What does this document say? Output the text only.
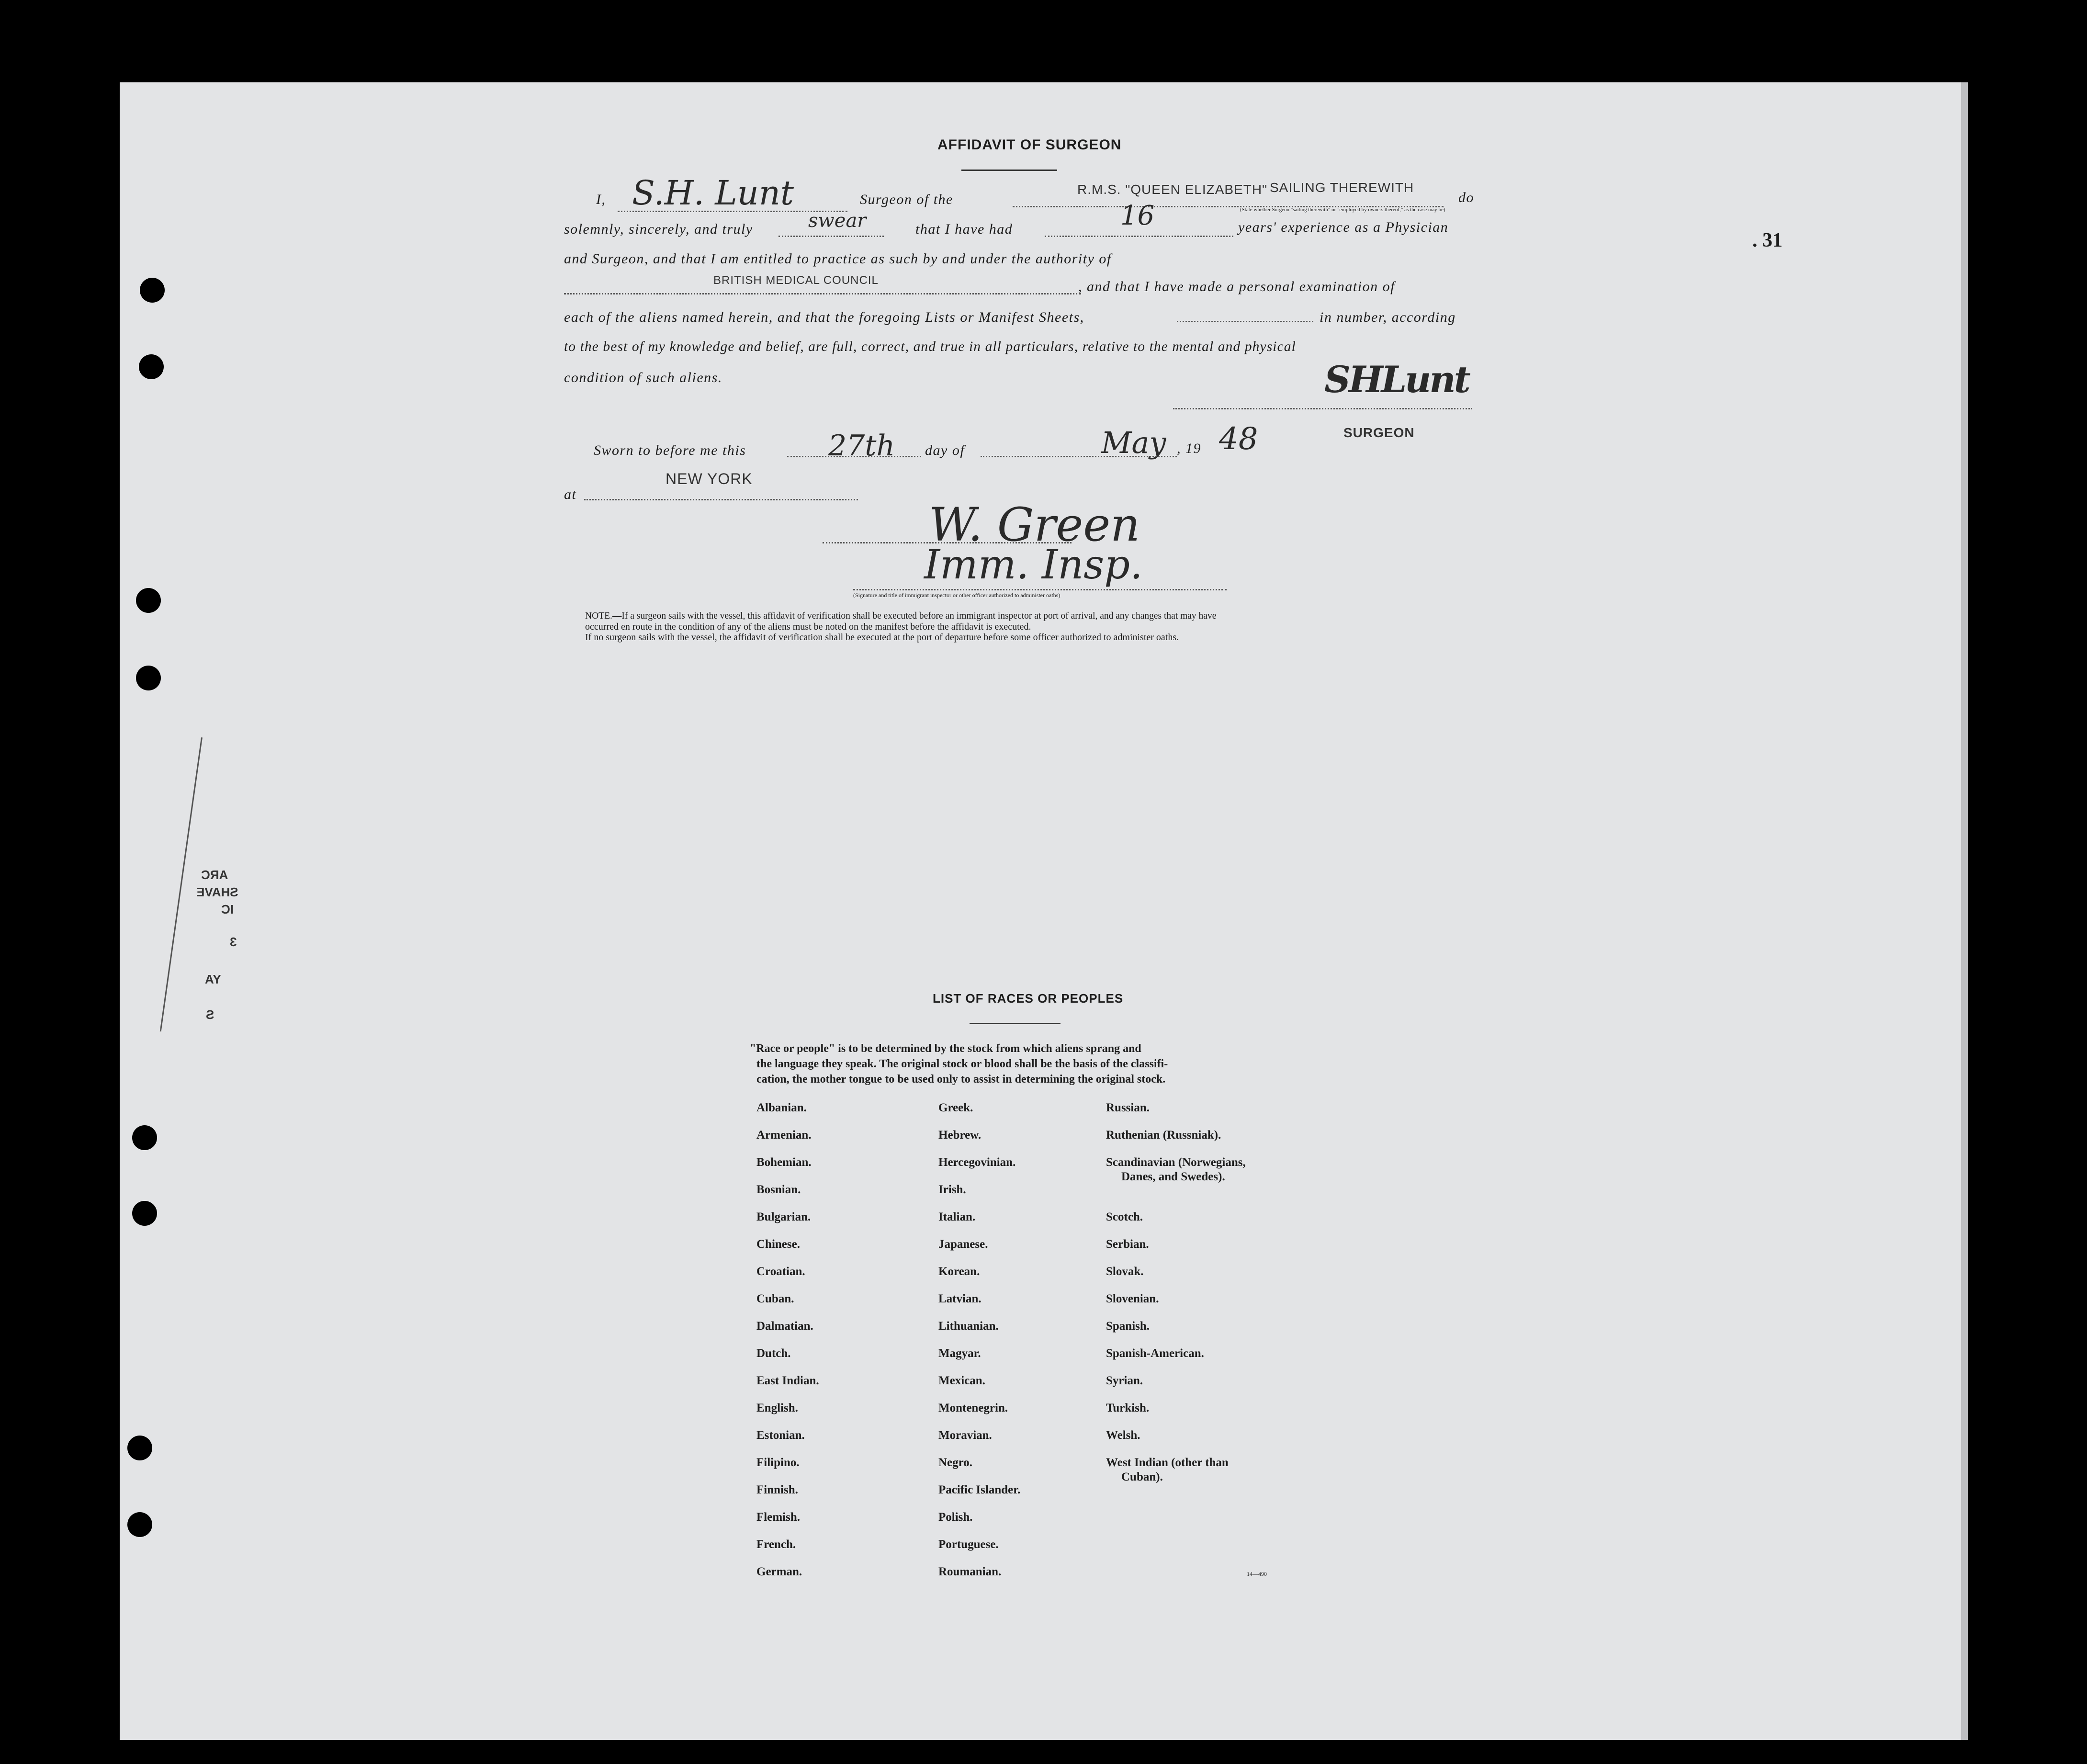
. 31
AFFIDAVIT OF SURGEON
I, S.H. Lunt	Surgeon of the
R.M.S. "QUEEN ELIZABETH" SAILING THEREWITH
(State whether Surgeon "sailing therewith" or "employed by owners thereof," as the case may be)
do
solemnly, sincerely, and truly	swear	that I have had	16	years' experience as a Physician
and Surgeon, and that I am entitled to practice as such by and under the authority of
BRITISH MEDICAL COUNCIL	, and that I have made a personal examination of
each of the aliens named herein, and that the foregoing Lists or Manifest Sheets,	in number, according
to the best of my knowledge and belief, are full, correct, and true in all particulars, relative to the mental and physical
condition of such aliens.	SHLunt
SURGEON
Sworn to before me this	27th day of	May , 19 48
NEW YORK
at
W. Green
Imm. Insp.
(Signature and title of immigrant inspector or other officer authorized to administer oaths)
NOTE.—If a surgeon sails with the vessel, this affidavit of verification shall be executed before an immigrant inspector at port of arrival, and any changes that may have
occurred en route in the condition of any of the aliens must be noted on the manifest before the affidavit is executed.
If no surgeon sails with the vessel, the affidavit of verification shall be executed at the port of departure before some officer authorized to administer oaths.
ARC
SHAVE
IC
3
YA
S
LIST OF RACES OR PEOPLES
"Race or people" is to be determined by the stock from which aliens sprang and
the language they speak. The original stock or blood shall be the basis of the classifi-
cation, the mother tongue to be used only to assist in determining the original stock.
Albanian.
Armenian.
Bohemian.
Bosnian.
Bulgarian.
Chinese.
Croatian.
Cuban.
Dalmatian.
Dutch.
East Indian.
English.
Estonian.
Filipino.
Finnish.
Flemish.
French.
German.
Greek.
Hebrew.
Hercegovinian.
Irish.
Italian.
Japanese.
Korean.
Latvian.
Lithuanian.
Magyar.
Mexican.
Montenegrin.
Moravian.
Negro.
Pacific Islander.
Polish.
Portuguese.
Roumanian.
Russian.
Ruthenian (Russniak).
Scandinavian (Norwegians,
Danes, and Swedes).
Scotch.
Serbian.
Slovak.
Slovenian.
Spanish.
Spanish-American.
Syrian.
Turkish.
Welsh.
West Indian (other than
Cuban).
14—490
